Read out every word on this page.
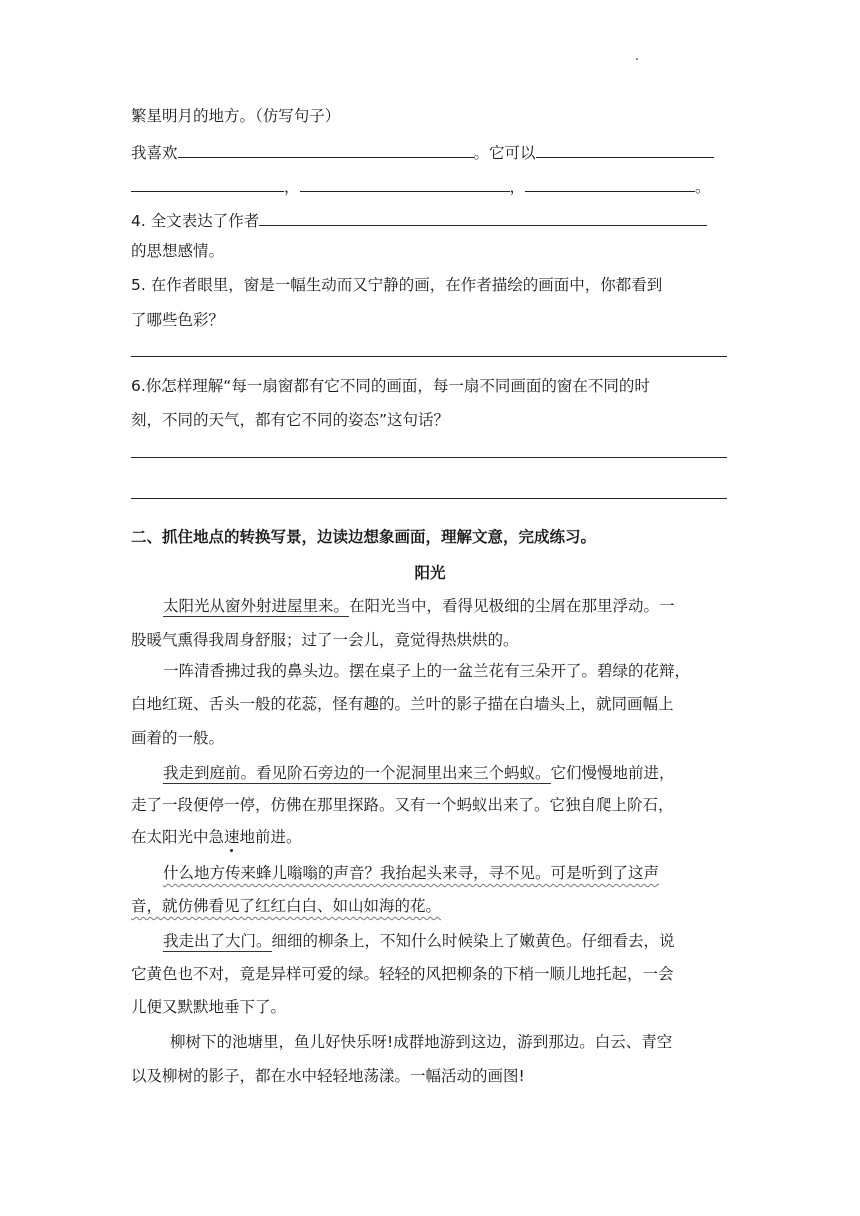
繁星明月的地方。（仿写句子）
我喜欢	。它可以
，	，	。
4. 全文表达了作者
的思想感情。
5. 在作者眼里，窗是一幅生动而又宁静的画，在作者描绘的画面中，你都看到
了哪些色彩？
6.你怎样理解“每一扇窗都有它不同的画面，每一扇不同画面的窗在不同的时
刻，不同的天气，都有它不同的姿态”这句话？
二、抓住地点的转换写景，边读边想象画面，理解文意，完成练习。
阳光
太阳光从窗外射进屋里来。在阳光当中，看得见极细的尘屑在那里浮动。一
股暖气熏得我周身舒服；过了一会儿，竟觉得热烘烘的。
一阵清香拂过我的鼻头边。摆在桌子上的一盆兰花有三朵开了。碧绿的花辩，
白地红斑、舌头一般的花蕊，怪有趣的。兰叶的影子描在白墙头上，就同画幅上
画着的一般。
我走到庭前。看见阶石旁边的一个泥洞里出来三个蚂蚁。它们慢慢地前进，
走了一段便停一停，仿佛在那里探路。又有一个蚂蚁出来了。它独自爬上阶石，
在太阳光中急速地前进。
什么地方传来蜂儿嗡嗡的声音？我抬起头来寻，寻不见。可是听到了这声
音，就仿佛看见了红红白白、如山如海的花。
我走出了大门。细细的柳条上，不知什么时候染上了嫩黄色。仔细看去，说
它黄色也不对，竟是异样可爱的绿。轻轻的风把柳条的下梢一顺儿地托起，一会
儿便又默默地垂下了。
柳树下的池塘里，鱼儿好快乐呀!成群地游到这边，游到那边。白云、青空
以及柳树的影子，都在水中轻轻地荡漾。一幅活动的画图!
